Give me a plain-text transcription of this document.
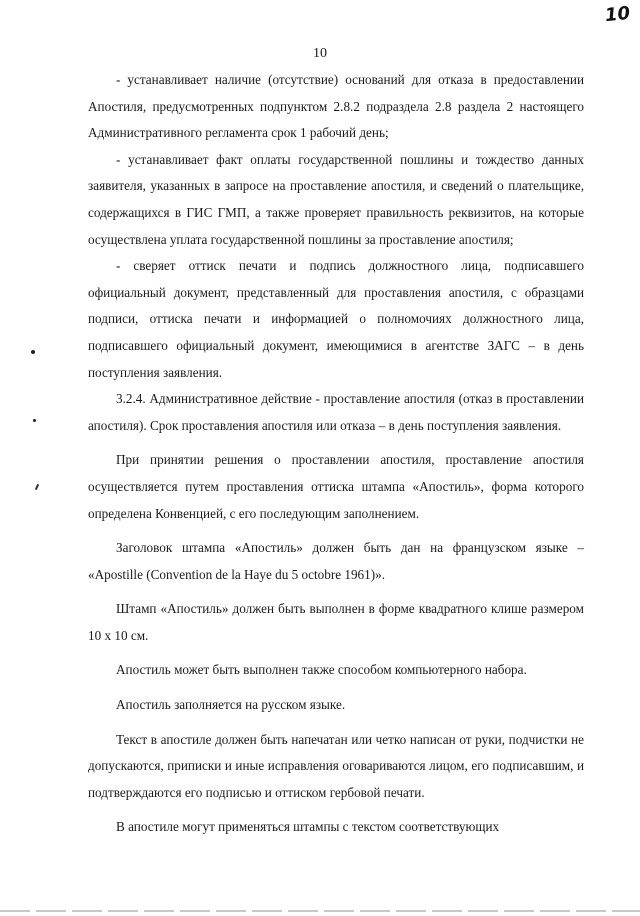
10
10

- устанавливает наличие (отсутствие) оснований для отказа в предоставлении Апостиля, предусмотренных подпунктом 2.8.2 подраздела 2.8 раздела 2 настоящего Административного регламента срок 1 рабочий день;

- устанавливает факт оплаты государственной пошлины и тождество данных заявителя, указанных в запросе на проставление апостиля, и сведений о плательщике, содержащихся в ГИС ГМП, а также проверяет правильность реквизитов, на которые осуществлена уплата государственной пошлины за проставление апостиля;

- сверяет оттиск печати и подпись должностного лица, подписавшего официальный документ, представленный для проставления апостиля, с образцами подписи, оттиска печати и информацией о полномочиях должностного лица, подписавшего официальный документ, имеющимися в агентстве ЗАГС – в день поступления заявления.

3.2.4. Административное действие - проставление апостиля (отказ в проставлении апостиля). Срок проставления апостиля или отказа – в день поступления заявления.

При принятии решения о проставлении апостиля, проставление апостиля осуществляется путем проставления оттиска штампа «Апостиль», форма которого определена Конвенцией, с его последующим заполнением.

Заголовок штампа «Апостиль» должен быть дан на французском языке – «Apostille (Convention de la Haye du 5 octobre 1961)».

Штамп «Апостиль» должен быть выполнен в форме квадратного клише размером 10 х 10 см.

Апостиль может быть выполнен также способом компьютерного набора.

Апостиль заполняется на русском языке.

Текст в апостиле должен быть напечатан или четко написан от руки, подчистки не допускаются, приписки и иные исправления оговариваются лицом, его подписавшим, и подтверждаются его подписью и оттиском гербовой печати.

В апостиле могут применяться штампы с текстом соответствующих
